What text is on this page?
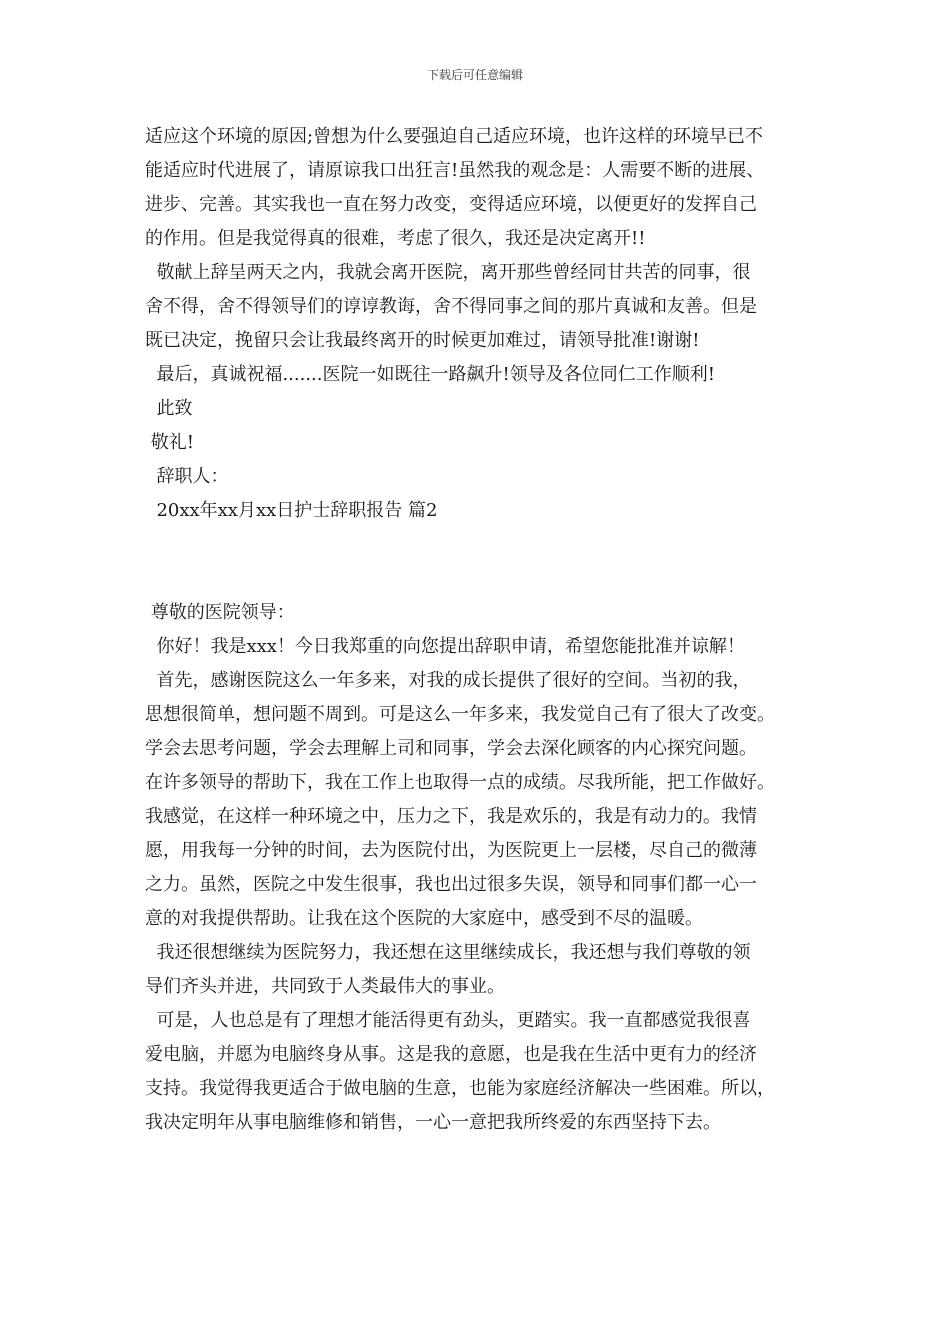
下载后可任意编辑
适应这个环境的原因;曾想为什么要强迫自己适应环境，也许这样的环境早已不
能适应时代进展了，请原谅我口出狂言!虽然我的观念是：人需要不断的进展、
进步、完善。其实我也一直在努力改变，变得适应环境，以便更好的发挥自己
的作用。但是我觉得真的很难，考虑了很久，我还是决定离开!!
敬献上辞呈两天之内，我就会离开医院，离开那些曾经同甘共苦的同事，很
舍不得，舍不得领导们的谆谆教诲，舍不得同事之间的那片真诚和友善。但是
既已决定，挽留只会让我最终离开的时候更加难过，请领导批准!谢谢!
最后，真诚祝福.......医院一如既往一路飙升!领导及各位同仁工作顺利!
此致
敬礼!
辞职人：
20xx年xx月xx日护士辞职报告 篇2
尊敬的医院领导：
你好！我是xxx！今日我郑重的向您提出辞职申请，希望您能批准并谅解！
首先，感谢医院这么一年多来，对我的成长提供了很好的空间。当初的我，
思想很简单，想问题不周到。可是这么一年多来，我发觉自己有了很大了改变。
学会去思考问题，学会去理解上司和同事，学会去深化顾客的内心探究问题。
在许多领导的帮助下，我在工作上也取得一点的成绩。尽我所能，把工作做好。
我感觉，在这样一种环境之中，压力之下，我是欢乐的，我是有动力的。我情
愿，用我每一分钟的时间，去为医院付出，为医院更上一层楼，尽自己的微薄
之力。虽然，医院之中发生很事，我也出过很多失误，领导和同事们都一心一
意的对我提供帮助。让我在这个医院的大家庭中，感受到不尽的温暖。
我还很想继续为医院努力，我还想在这里继续成长，我还想与我们尊敬的领
导们齐头并进，共同致于人类最伟大的事业。
可是，人也总是有了理想才能活得更有劲头，更踏实。我一直都感觉我很喜
爱电脑，并愿为电脑终身从事。这是我的意愿，也是我在生活中更有力的经济
支持。我觉得我更适合于做电脑的生意，也能为家庭经济解决一些困难。所以，
我决定明年从事电脑维修和销售，一心一意把我所终爱的东西坚持下去。
